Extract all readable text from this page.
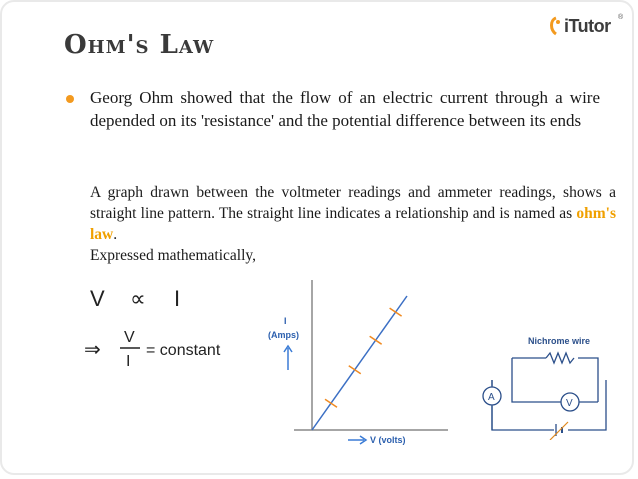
iTutor ®
Ohm's Law

Georg Ohm showed that the flow of an electric current through a wire depended on its 'resistance' and the potential difference between its ends

A graph drawn between the voltmeter readings and ammeter readings, shows a straight line pattern. The straight line indicates a relationship and is named as ohm's law.

Expressed mathematically,

V ∝ I
⇒
V
I
= constant
I
(Amps)
V (volts)
Nichrome wire
A
V
